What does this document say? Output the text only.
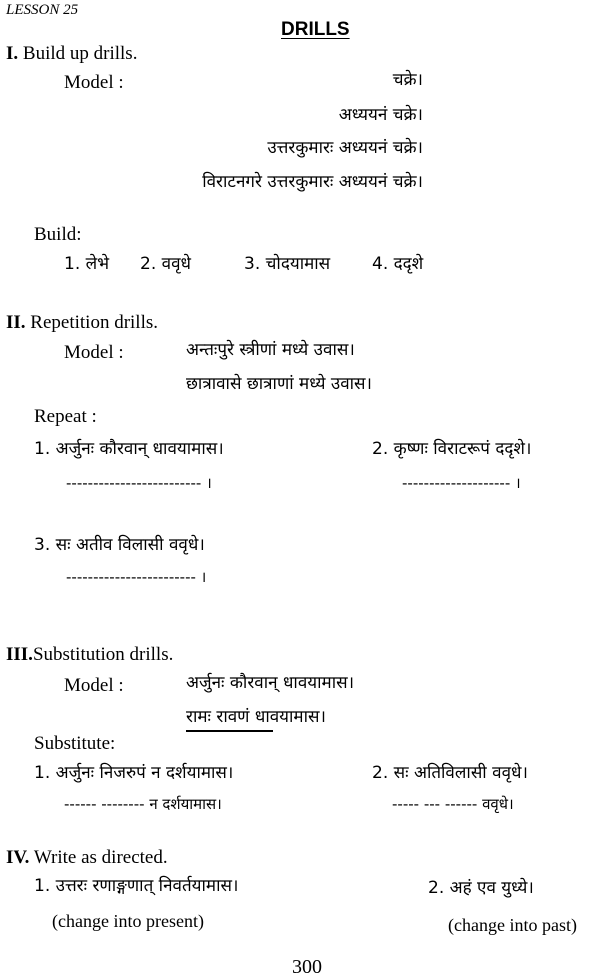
LESSON 25
DRILLS
I. Build up drills.
Model :	चक्रे।
अध्ययनं चक्रे।
उत्तरकुमारः अध्ययनं चक्रे।
विराटनगरे उत्तरकुमारः अध्ययनं चक्रे।
Build:
1. लेभे 2. ववृधे	3. चोदयामास 4. ददृशे
II. Repetition drills.
Model :	अन्तःपुरे स्त्रीणां मध्ये उवास।
छात्रावासे छात्राणां मध्ये उवास।
Repeat :
1. अर्जुनः कौरवान् धावयामास।	2. कृष्णः विराटरूपं ददृशे।
------------------------- ।	-------------------- ।
3. सः अतीव विलासी ववृधे।
------------------------ ।
III.Substitution drills.
Model :	अर्जुनः कौरवान् धावयामास।
रामः रावणं धावयामास।
Substitute:
1. अर्जुनः निजरुपं न दर्शयामास।	2. सः अतिविलासी ववृधे।
------ -------- न दर्शयामास।	----- --- ------ ववृधे।
IV. Write as directed.
1. उत्तरः रणाङ्गणात् निवर्तयामास।	2. अहं एव युध्ये।
(change into present)	(change into past)
300
